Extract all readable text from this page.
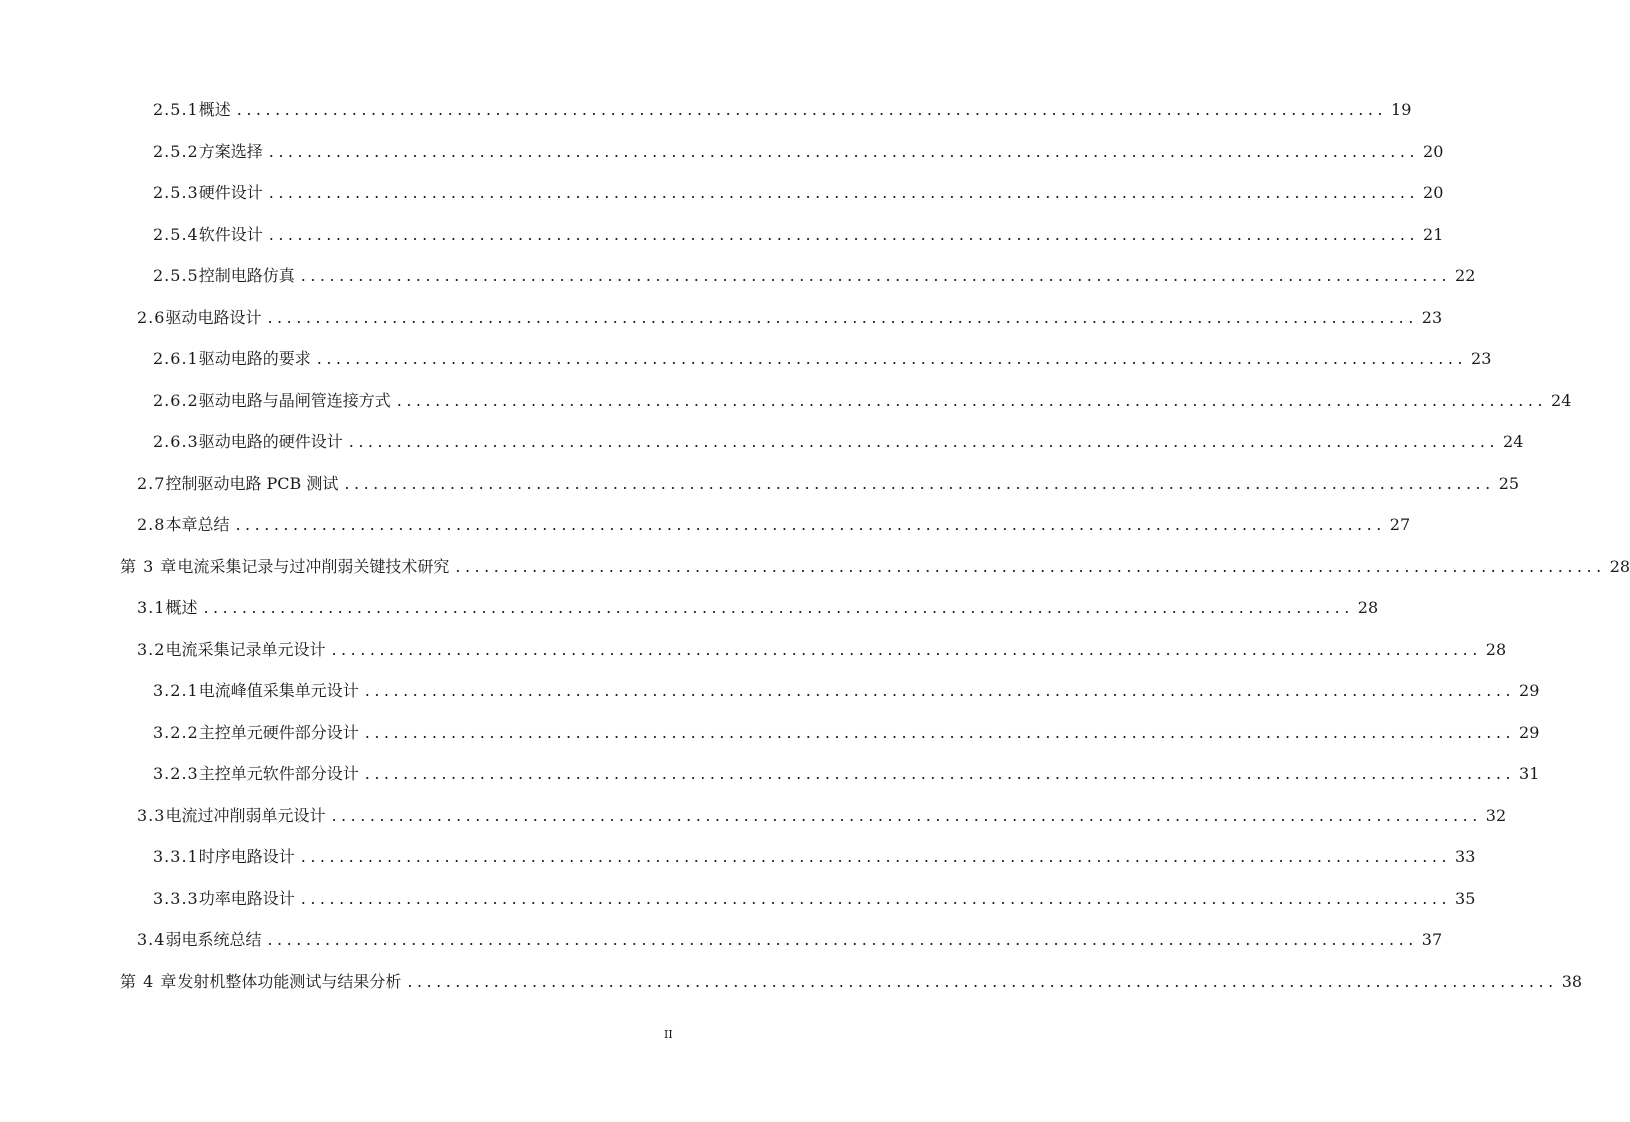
2.5.1 概述 ........................................................................................................................ 19
2.5.2 方案选择 ........................................................................................................................ 20
2.5.3 硬件设计 ........................................................................................................................ 20
2.5.4 软件设计 ........................................................................................................................ 21
2.5.5 控制电路仿真 ........................................................................................................................ 22
2.6 驱动电路设计 ........................................................................................................................ 23
2.6.1 驱动电路的要求 ........................................................................................................................ 23
2.6.2 驱动电路与晶闸管连接方式 ........................................................................................................................ 24
2.6.3 驱动电路的硬件设计 ........................................................................................................................ 24
2.7 控制驱动电路 PCB 测试 ........................................................................................................................ 25
2.8 本章总结 ........................................................................................................................ 27
第 3 章 电流采集记录与过冲削弱关键技术研究 ........................................................................................................................ 28
3.1 概述 ........................................................................................................................ 28
3.2 电流采集记录单元设计 ........................................................................................................................ 28
3.2.1 电流峰值采集单元设计 ........................................................................................................................ 29
3.2.2 主控单元硬件部分设计 ........................................................................................................................ 29
3.2.3 主控单元软件部分设计 ........................................................................................................................ 31
3.3 电流过冲削弱单元设计 ........................................................................................................................ 32
3.3.1 时序电路设计 ........................................................................................................................ 33
3.3.3 功率电路设计 ........................................................................................................................ 35
3.4 弱电系统总结 ........................................................................................................................ 37
第 4 章 发射机整体功能测试与结果分析 ........................................................................................................................ 38
II
